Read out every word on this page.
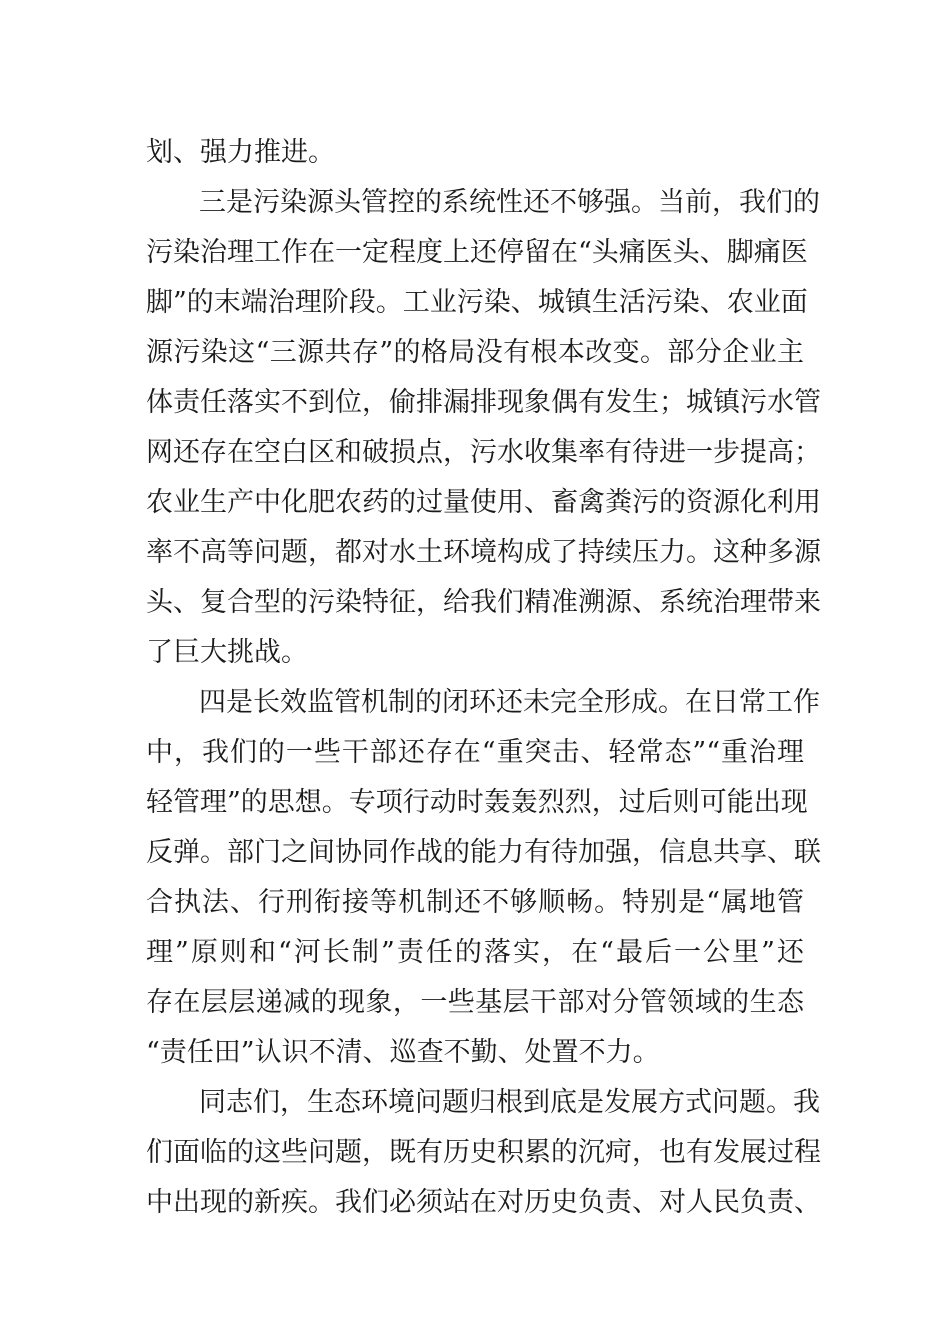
划、强力推进。

三是污染源头管控的系统性还不够强。当前，我们的

污染治理工作在一定程度上还停留在“头痛医头、脚痛医

脚”的末端治理阶段。工业污染、城镇生活污染、农业面

源污染这“三源共存”的格局没有根本改变。部分企业主

体责任落实不到位，偷排漏排现象偶有发生；城镇污水管

网还存在空白区和破损点，污水收集率有待进一步提高；

农业生产中化肥农药的过量使用、畜禽粪污的资源化利用

率不高等问题，都对水土环境构成了持续压力。这种多源

头、复合型的污染特征，给我们精准溯源、系统治理带来

了巨大挑战。

四是长效监管机制的闭环还未完全形成。在日常工作

中，我们的一些干部还存在“重突击、轻常态”“重治理

轻管理”的思想。专项行动时轰轰烈烈，过后则可能出现

反弹。部门之间协同作战的能力有待加强，信息共享、联

合执法、行刑衔接等机制还不够顺畅。特别是“属地管

理”原则和“河长制”责任的落实，在“最后一公里”还

存在层层递减的现象，一些基层干部对分管领域的生态

“责任田”认识不清、巡查不勤、处置不力。

同志们，生态环境问题归根到底是发展方式问题。我

们面临的这些问题，既有历史积累的沉疴，也有发展过程

中出现的新疾。我们必须站在对历史负责、对人民负责、
